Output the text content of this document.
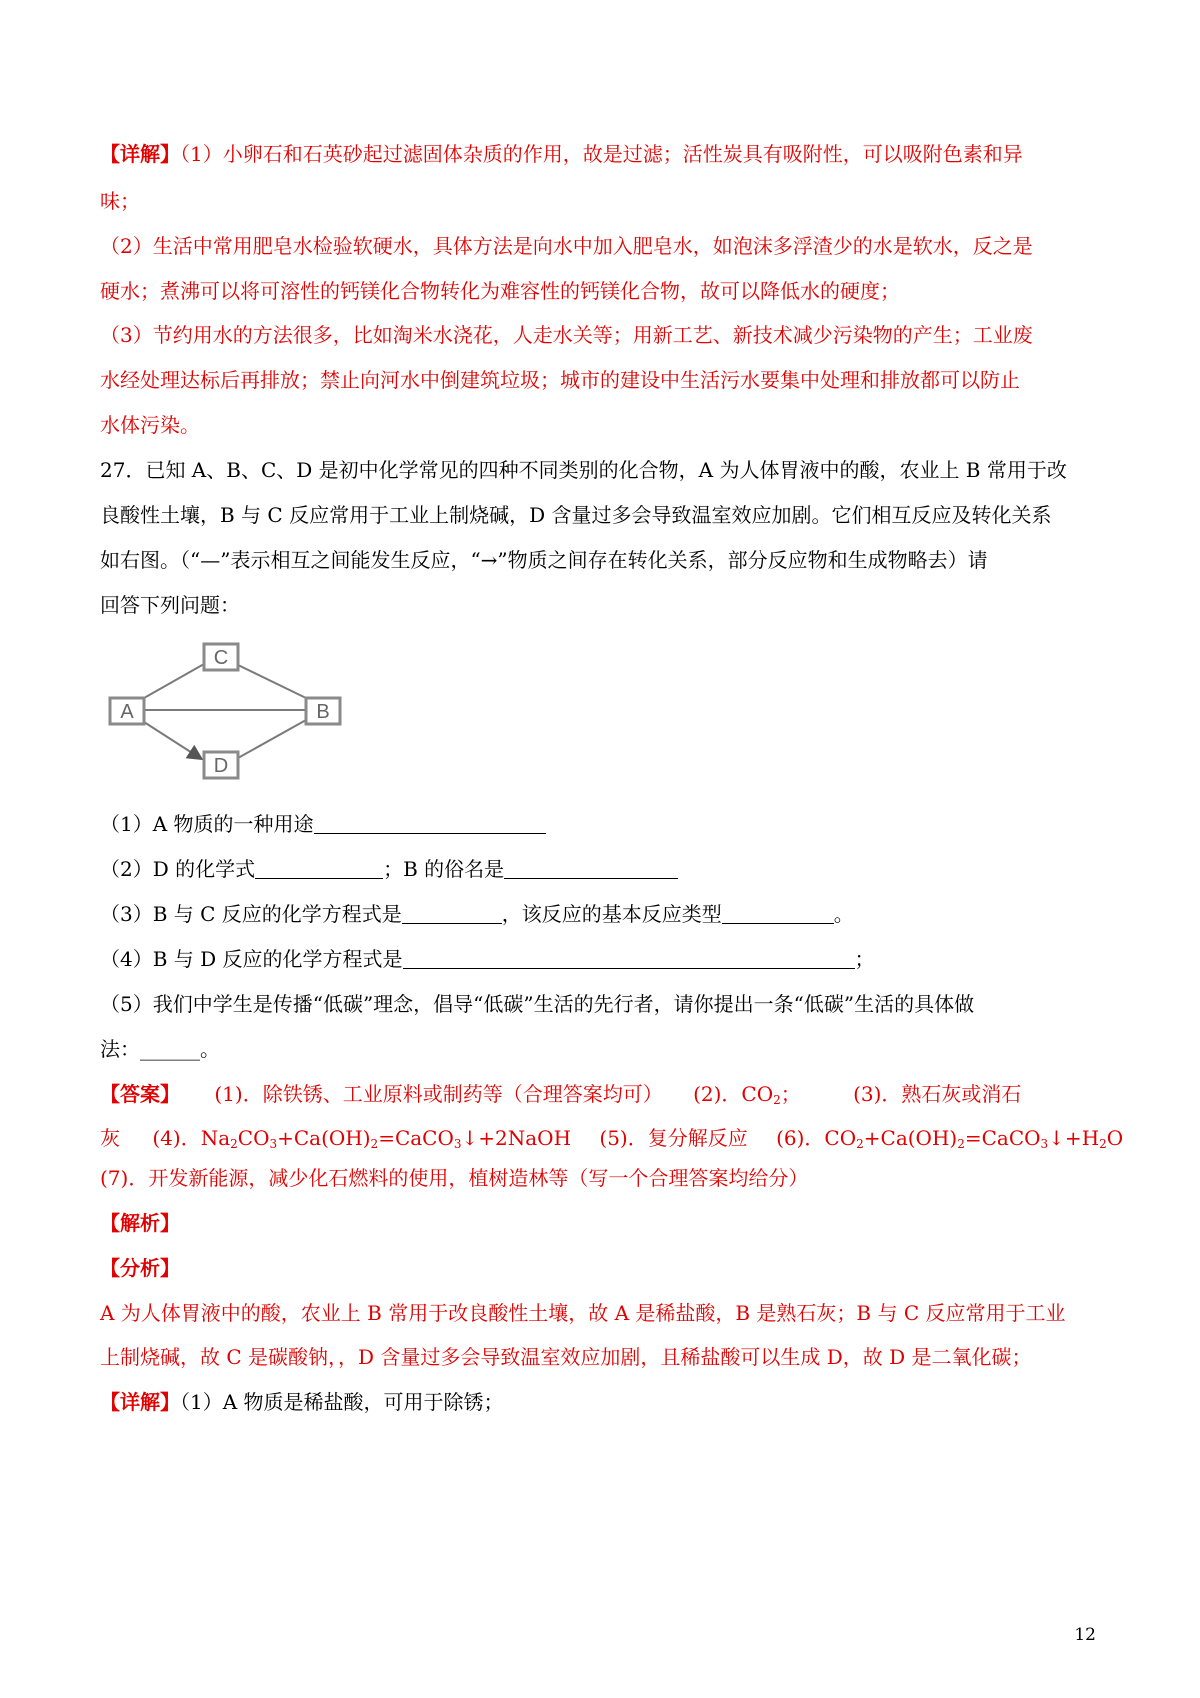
【详解】（1）小卵石和石英砂起过滤固体杂质的作用，故是过滤；活性炭具有吸附性，可以吸附色素和异
味；
（2）生活中常用肥皂水检验软硬水，具体方法是向水中加入肥皂水，如泡沫多浮渣少的水是软水，反之是
硬水；煮沸可以将可溶性的钙镁化合物转化为难容性的钙镁化合物，故可以降低水的硬度；
（3）节约用水的方法很多，比如淘米水浇花，人走水关等；用新工艺、新技术减少污染物的产生；工业废
水经处理达标后再排放；禁止向河水中倒建筑垃圾；城市的建设中生活污水要集中处理和排放都可以防止
水体污染。
27．已知 A、B、C、D 是初中化学常见的四种不同类别的化合物，A 为人体胃液中的酸，农业上 B 常用于改
良酸性土壤，B 与 C 反应常用于工业上制烧碱，D 含量过多会导致温室效应加剧。它们相互反应及转化关系
如右图。（“—”表示相互之间能发生反应，“→”物质之间存在转化关系，部分反应物和生成物略去）请
回答下列问题：
C
A	B
D
（1）A 物质的一种用途
（2）D 的化学式	；B 的俗名是
（3）B 与 C 反应的化学方程式是	，该反应的基本反应类型	。
（4）B 与 D 反应的化学方程式是	；
（5）我们中学生是传播“低碳”理念，倡导“低碳”生活的先行者，请你提出一条“低碳”生活的具体做
法：______。
【答案】 (1)．除铁锈、工业原料或制药等（合理答案均可） (2)．$CO_2$；	(3)．熟石灰或消石
灰 (4)．$Na_2CO_3+Ca(OH)_2=CaCO_3↓+2NaOH$ (5)．复分解反应 (6)．$CO_2+Ca(OH)_2=CaCO_3↓+H_2O$
(7)．开发新能源，减少化石燃料的使用，植树造林等（写一个合理答案均给分）
【解析】
【分析】
A 为人体胃液中的酸，农业上 B 常用于改良酸性土壤，故 A 是稀盐酸，B 是熟石灰；B 与 C 反应常用于工业
上制烧碱，故 C 是碳酸钠，，D 含量过多会导致温室效应加剧，且稀盐酸可以生成 D，故 D 是二氧化碳；
【详解】（1）A 物质是稀盐酸，可用于除锈；
12
